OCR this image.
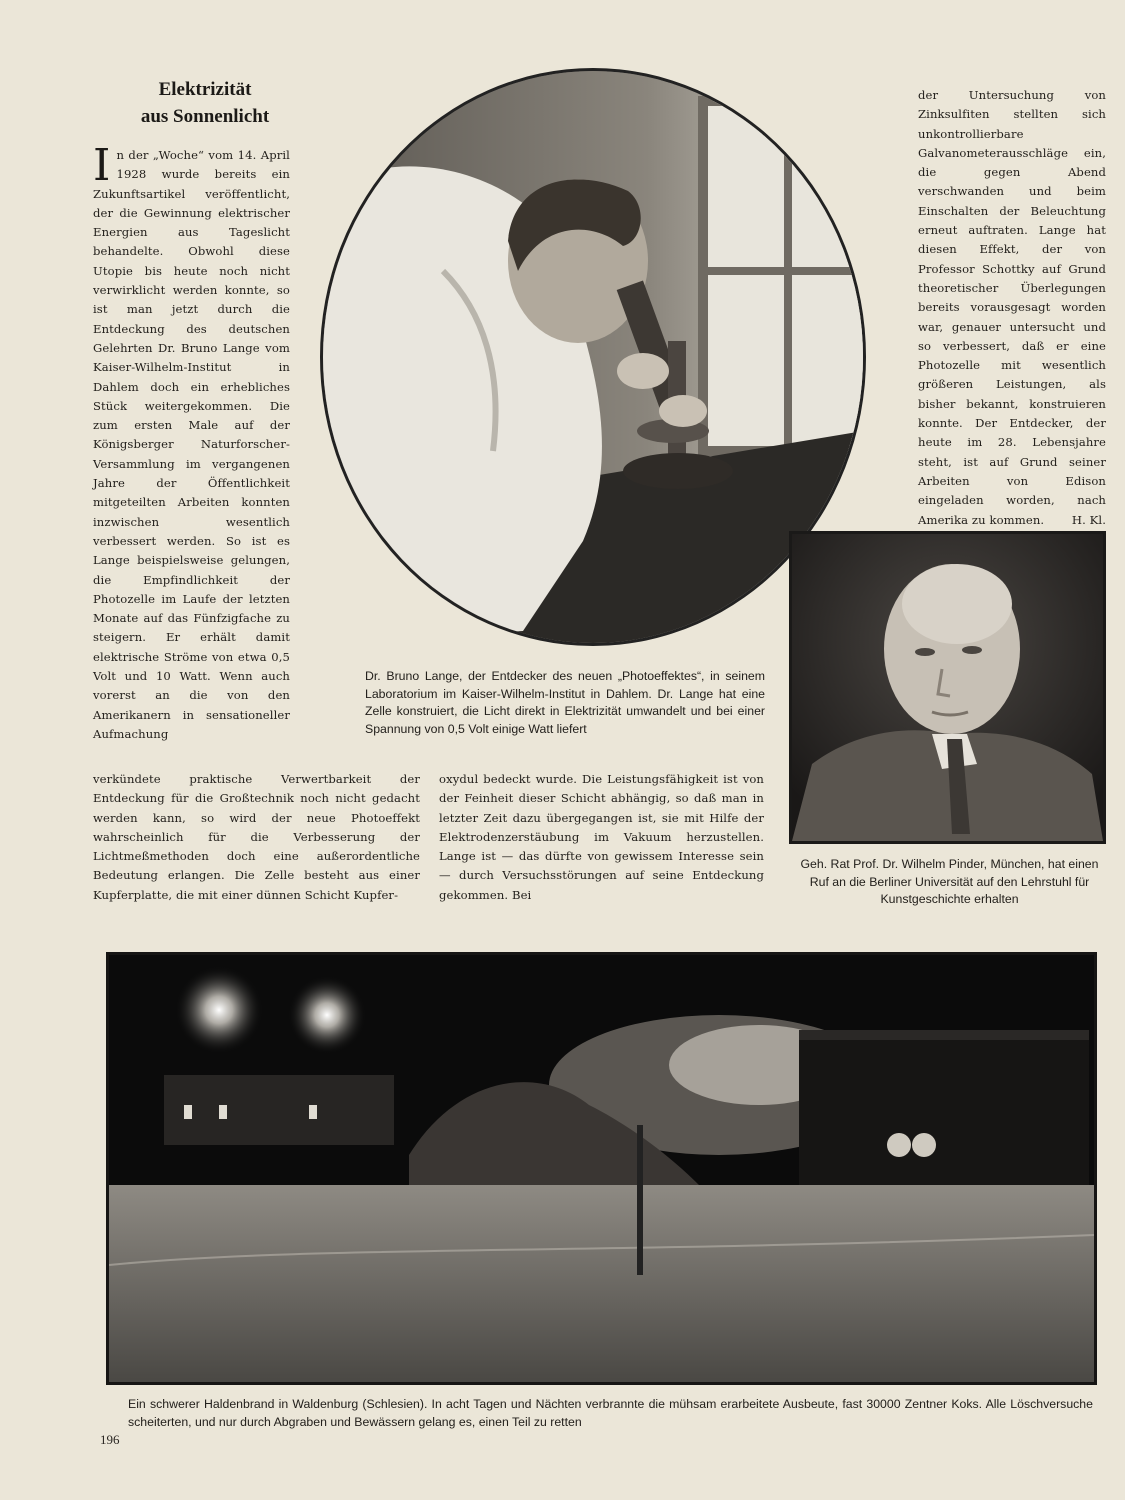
Elektrizität
aus Sonnenlicht

In der „Woche“ vom 14. April 1928 wurde bereits ein Zukunftsartikel veröffentlicht, der die Gewinnung elektrischer Energien aus Tageslicht behandelte. Obwohl diese Utopie bis heute noch nicht verwirklicht werden konnte, so ist man jetzt durch die Entdeckung des deutschen Gelehrten Dr. Bruno Lange vom Kaiser-Wilhelm-Institut in Dahlem doch ein erhebliches Stück weitergekommen. Die zum ersten Male auf der Königsberger Naturforscher-Versammlung im vergangenen Jahre der Öffentlichkeit mitgeteilten Arbeiten konnten inzwischen wesentlich verbessert werden. So ist es Lange beispielsweise gelungen, die Empfindlichkeit der Photozelle im Laufe der letzten Monate auf das Fünfzigfache zu steigern. Er erhält damit elektrische Ströme von etwa 0,5 Volt und 10 Watt. Wenn auch vorerst an die von den Amerikanern in sensationeller Aufmachung

der Untersuchung von Zinksulfiten stellten sich unkontrollierbare Galvanometerausschläge ein, die gegen Abend verschwanden und beim Einschalten der Beleuchtung erneut auftraten. Lange hat diesen Effekt, der von Professor Schottky auf Grund theoretischer Überlegungen bereits vorausgesagt worden war, genauer untersucht und so verbessert, daß er eine Photozelle mit wesentlich größeren Leistungen, als bisher bekannt, konstruieren konnte. Der Entdecker, der heute im 28. Lebensjahre steht, ist auf Grund seiner Arbeiten von Edison eingeladen worden, nach Amerika zu kommen. H. Kl.

Dr. Bruno Lange, der Entdecker des neuen „Photoeffektes“, in seinem Laboratorium im Kaiser-Wilhelm-Institut in Dahlem. Dr. Lange hat eine Zelle konstruiert, die Licht direkt in Elektrizität umwandelt und bei einer Spannung von 0,5 Volt einige Watt liefert
Geh. Rat Prof. Dr. Wilhelm Pinder, München, hat einen Ruf an die Berliner Universität auf den Lehrstuhl für Kunstgeschichte erhalten

verkündete praktische Verwertbarkeit der Entdeckung für die Großtechnik noch nicht gedacht werden kann, so wird der neue Photoeffekt wahrscheinlich für die Verbesserung der Lichtmeßmethoden doch eine außerordentliche Bedeutung erlangen. Die Zelle besteht aus einer Kupferplatte, die mit einer dünnen Schicht Kupfer-

oxydul bedeckt wurde. Die Leistungsfähigkeit ist von der Feinheit dieser Schicht abhängig, so daß man in letzter Zeit dazu übergegangen ist, sie mit Hilfe der Elektrodenzerstäubung im Vakuum herzustellen. Lange ist — das dürfte von gewissem Interesse sein — durch Versuchsstörungen auf seine Entdeckung gekommen. Bei

Ein schwerer Haldenbrand in Waldenburg (Schlesien). In acht Tagen und Nächten verbrannte die mühsam erarbeitete Ausbeute, fast 30000 Zentner Koks. Alle Löschversuche scheiterten, und nur durch Abgraben und Bewässern gelang es, einen Teil zu retten
196
